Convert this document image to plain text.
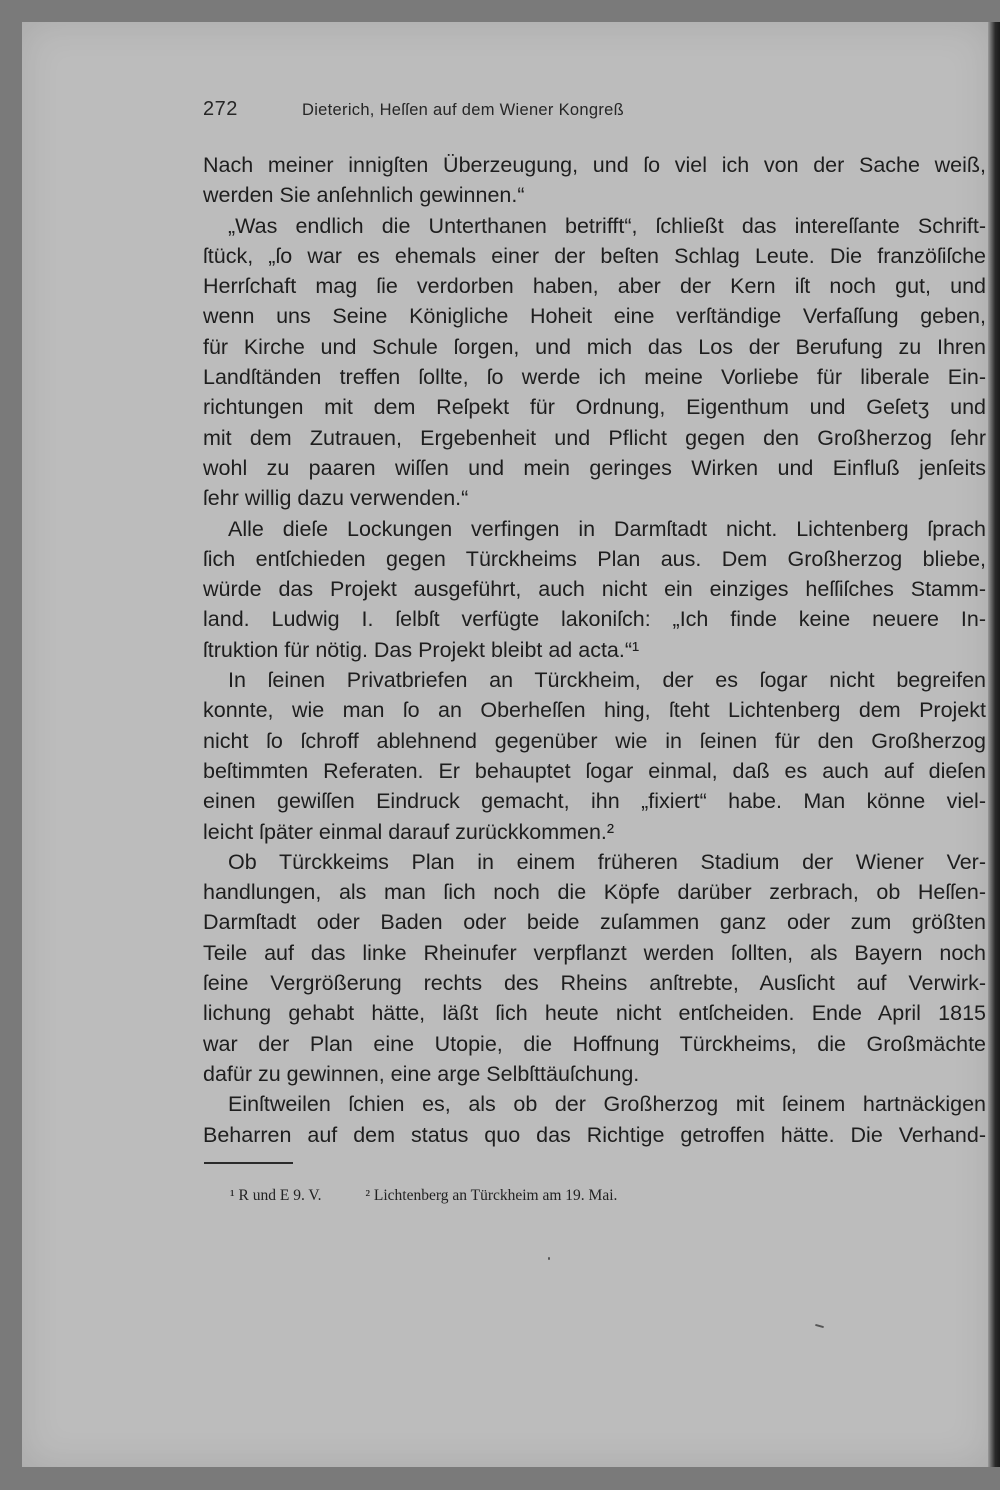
272	Dieterich, Heſſen auf dem Wiener Kongreß
Nach meiner innigſten Überzeugung, und ſo viel ich von der Sache weiß,
werden Sie anſehnlich gewinnen.“
„Was endlich die Unterthanen betrifft“, ſchließt das intereſſante Schrift-
ſtück, „ſo war es ehemals einer der beſten Schlag Leute. Die franzöſiſche
Herrſchaft mag ſie verdorben haben, aber der Kern iſt noch gut, und
wenn uns Seine Königliche Hoheit eine verſtändige Verfaſſung geben,
für Kirche und Schule ſorgen, und mich das Los der Berufung zu Ihren
Landſtänden treffen ſollte, ſo werde ich meine Vorliebe für liberale Ein-
richtungen mit dem Reſpekt für Ordnung, Eigenthum und Geſetʒ und
mit dem Zutrauen, Ergebenheit und Pflicht gegen den Großherzog ſehr
wohl zu paaren wiſſen und mein geringes Wirken und Einfluß jenſeits
ſehr willig dazu verwenden.“
Alle dieſe Lockungen verfingen in Darmſtadt nicht. Lichtenberg ſprach
ſich entſchieden gegen Türckheims Plan aus. Dem Großherzog bliebe,
würde das Projekt ausgeführt, auch nicht ein einziges heſſiſches Stamm-
land. Ludwig I. ſelbſt verfügte lakoniſch: „Ich finde keine neuere In-
ſtruktion für nötig. Das Projekt bleibt ad acta.“¹
In ſeinen Privatbriefen an Türckheim, der es ſogar nicht begreifen
konnte, wie man ſo an Oberheſſen hing, ſteht Lichtenberg dem Projekt
nicht ſo ſchroff ablehnend gegenüber wie in ſeinen für den Großherzog
beſtimmten Referaten. Er behauptet ſogar einmal, daß es auch auf dieſen
einen gewiſſen Eindruck gemacht, ihn „fixiert“ habe. Man könne viel-
leicht ſpäter einmal darauf zurückkommen.²
Ob Türckkeims Plan in einem früheren Stadium der Wiener Ver-
handlungen, als man ſich noch die Köpfe darüber zerbrach, ob Heſſen-
Darmſtadt oder Baden oder beide zuſammen ganz oder zum größten
Teile auf das linke Rheinufer verpflanzt werden ſollten, als Bayern noch
ſeine Vergrößerung rechts des Rheins anſtrebte, Ausſicht auf Verwirk-
lichung gehabt hätte, läßt ſich heute nicht entſcheiden. Ende April 1815
war der Plan eine Utopie, die Hoffnung Türckheims, die Großmächte
dafür zu gewinnen, eine arge Selbſttäuſchung.
Einſtweilen ſchien es, als ob der Großherzog mit ſeinem hartnäckigen
Beharren auf dem status quo das Richtige getroffen hätte. Die Verhand-
¹ R und E 9. V.	² Lichtenberg an Türckheim am 19. Mai.
